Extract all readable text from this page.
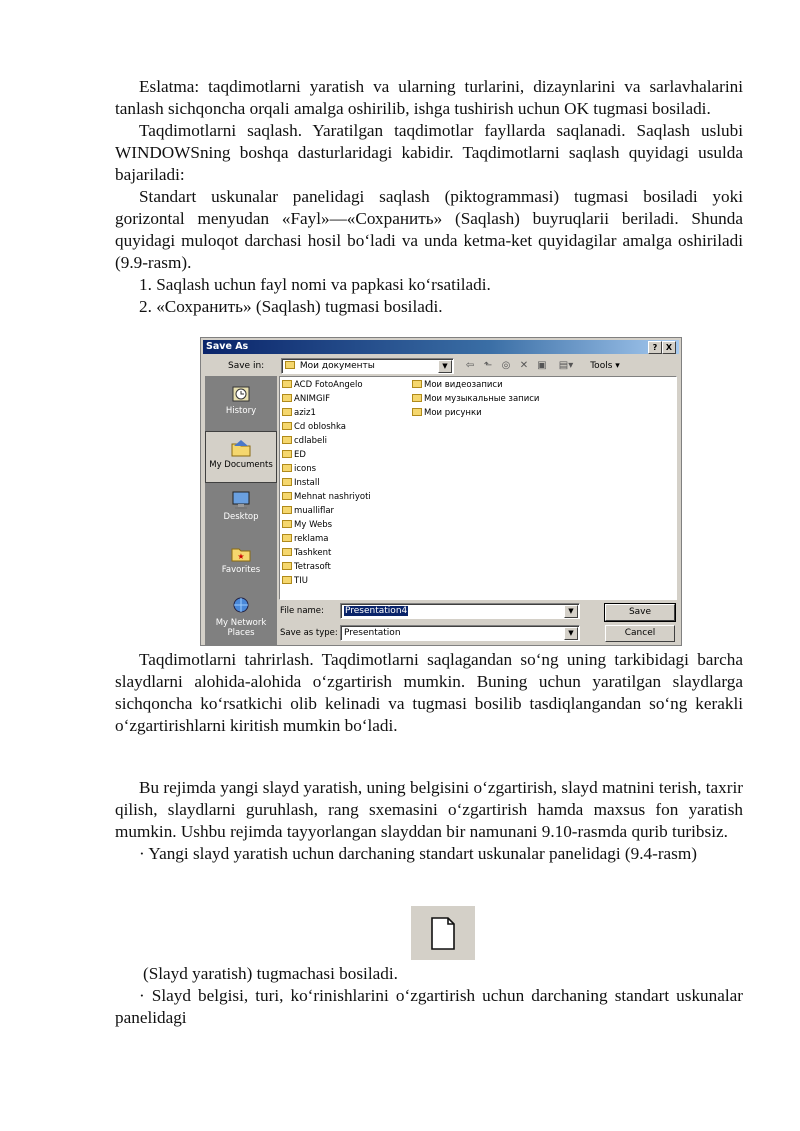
Eslatma: taqdimotlarni yaratish va ularning turlarini, dizaynlarini va sarlavhalarini tanlash sichqoncha orqali amalga oshirilib, ishga tushirish uchun OK tugmasi bosiladi.

Taqdimotlarni saqlash. Yaratilgan taqdimotlar fayllarda saqlanadi. Saqlash uslubi WINDOWSning boshqa dasturlaridagi kabidir. Taqdimotlarni saqlash quyidagi usulda bajariladi:

Standart uskunalar panelidagi saqlash (piktogrammasi) tugmasi bosiladi yoki gorizontal menyudan «Fayl»—«Сохранить» (Saqlash) buyruqlarii beriladi. Shunda quyidagi muloqot darchasi hosil bo‘ladi va unda ketma-ket quyidagilar amalga oshiriladi (9.9-rasm).

1. Saqlash uchun fayl nomi va papkasi ko‘rsatiladi.
2. «Сохранить» (Saqlash) tugmasi bosiladi.
Save As	?	X
Save in:	Мои документы	▼	⇦ ⬑ ◎ ✕ ▣	▤▾	Tools ▾
History
My Documents
Desktop
★
Favorites
My Network Places
ACD FotoAngelo
ANIMGIF
aziz1
Cd obloshka
cdlabeli
ED
icons
Install
Mehnat nashriyoti
mualliflar
My Webs
reklama
Tashkent
Tetrasoft
TIU
Мои видеозаписи
Мои музыкальные записи
Мои рисунки
File name:	Presentation4	▼
Save as type: Presentation	▼
Save
Cancel

Taqdimotlarni tahrirlash. Taqdimotlarni saqlagandan so‘ng uning tarkibidagi barcha slaydlarni alohida-alohida o‘zgartirish mumkin. Buning uchun yaratilgan slaydlarga sichqoncha ko‘rsatkichi olib kelinadi va tugmasi bosilib tasdiqlangandan so‘ng kerakli o‘zgartirishlarni kiritish mumkin bo‘ladi.

Bu rejimda yangi slayd yaratish, uning belgisini o‘zgartirish, slayd matnini terish, taxrir qilish, slaydlarni guruhlash, rang sxemasini o‘zgartirish hamda maxsus fon yaratish mumkin. Ushbu rejimda tayyorlangan slayddan bir namunani 9.10-rasmda qurib turibsiz.

· Yangi slayd yaratish uchun darchaning standart uskunalar panelidagi (9.4-rasm)

(Slayd yaratish) tugmachasi bosiladi.

· Slayd belgisi, turi, ko‘rinishlarini o‘zgartirish uchun darchaning standart uskunalar panelidagi
